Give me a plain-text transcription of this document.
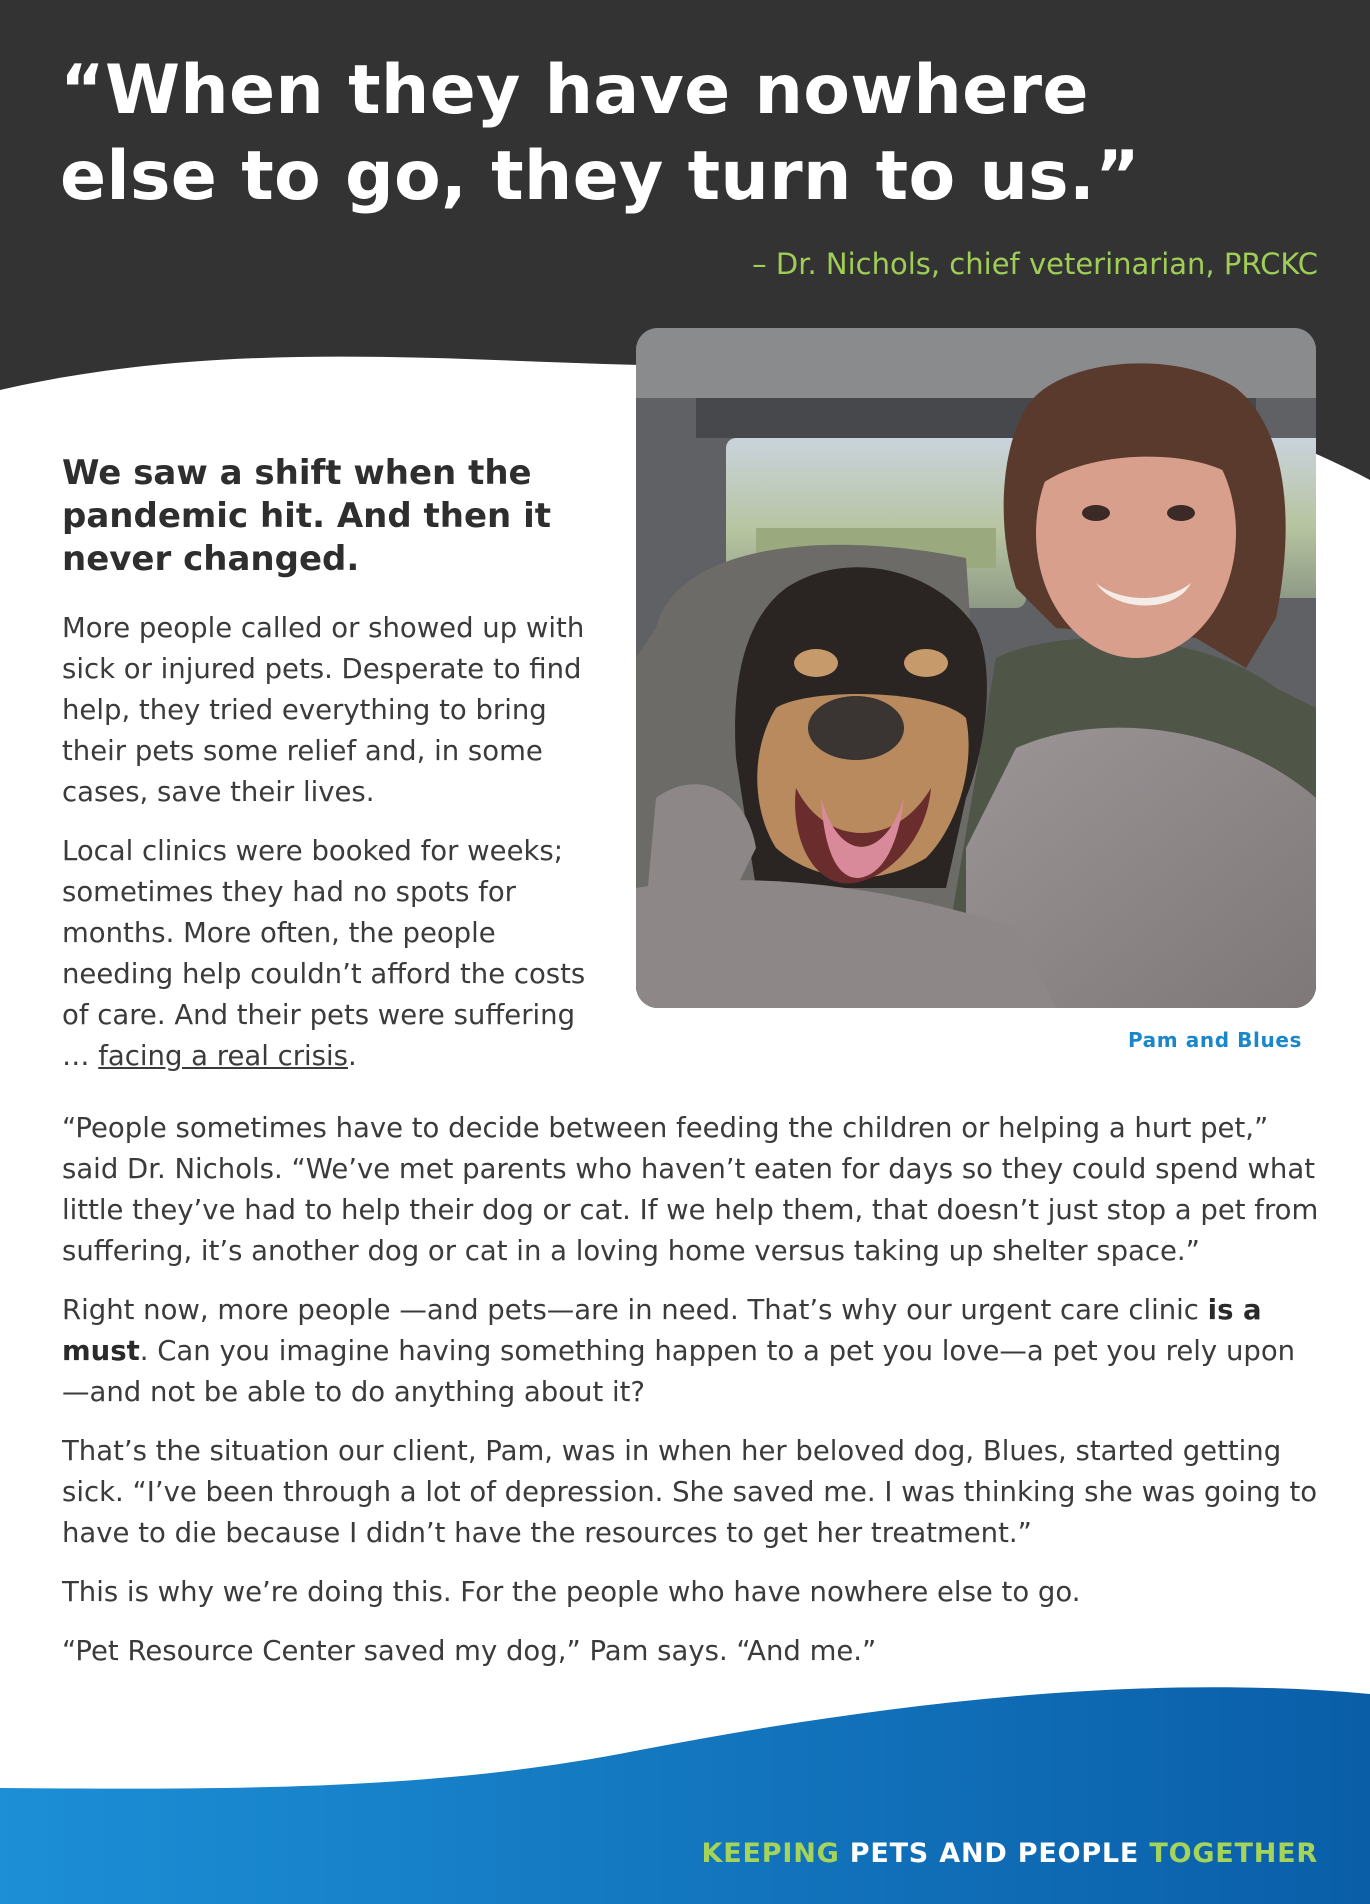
“When they have nowhere
else to go, they turn to us.”

– Dr. Nichols, chief veterinarian, PRCKC

Pam and Blues

We saw a shift when the pandemic hit. And then it never changed.

More people called or showed up with sick or injured pets. Desperate to find help, they tried everything to bring their pets some relief and, in some cases, save their lives.

Local clinics were booked for weeks; sometimes they had no spots for months. More often, the people needing help couldn’t afford the costs of care. And their pets were suffering … facing a real crisis.

“People sometimes have to decide between feeding the children or helping a hurt pet,” said Dr. Nichols. “We’ve met parents who haven’t eaten for days so they could spend what little they’ve had to help their dog or cat. If we help them, that doesn’t just stop a pet from suffering, it’s another dog or cat in a loving home versus taking up shelter space.”

Right now, more people —and pets—are in need. That’s why our urgent care clinic is a must. Can you imagine having something happen to a pet you love—a pet you rely upon—and not be able to do anything about it?

That’s the situation our client, Pam, was in when her beloved dog, Blues, started getting sick. “I’ve been through a lot of depression. She saved me. I was thinking she was going to have to die because I didn’t have the resources to get her treatment.”

This is why we’re doing this. For the people who have nowhere else to go.

“Pet Resource Center saved my dog,” Pam says. “And me.”

KEEPING PETS AND PEOPLE TOGETHER
